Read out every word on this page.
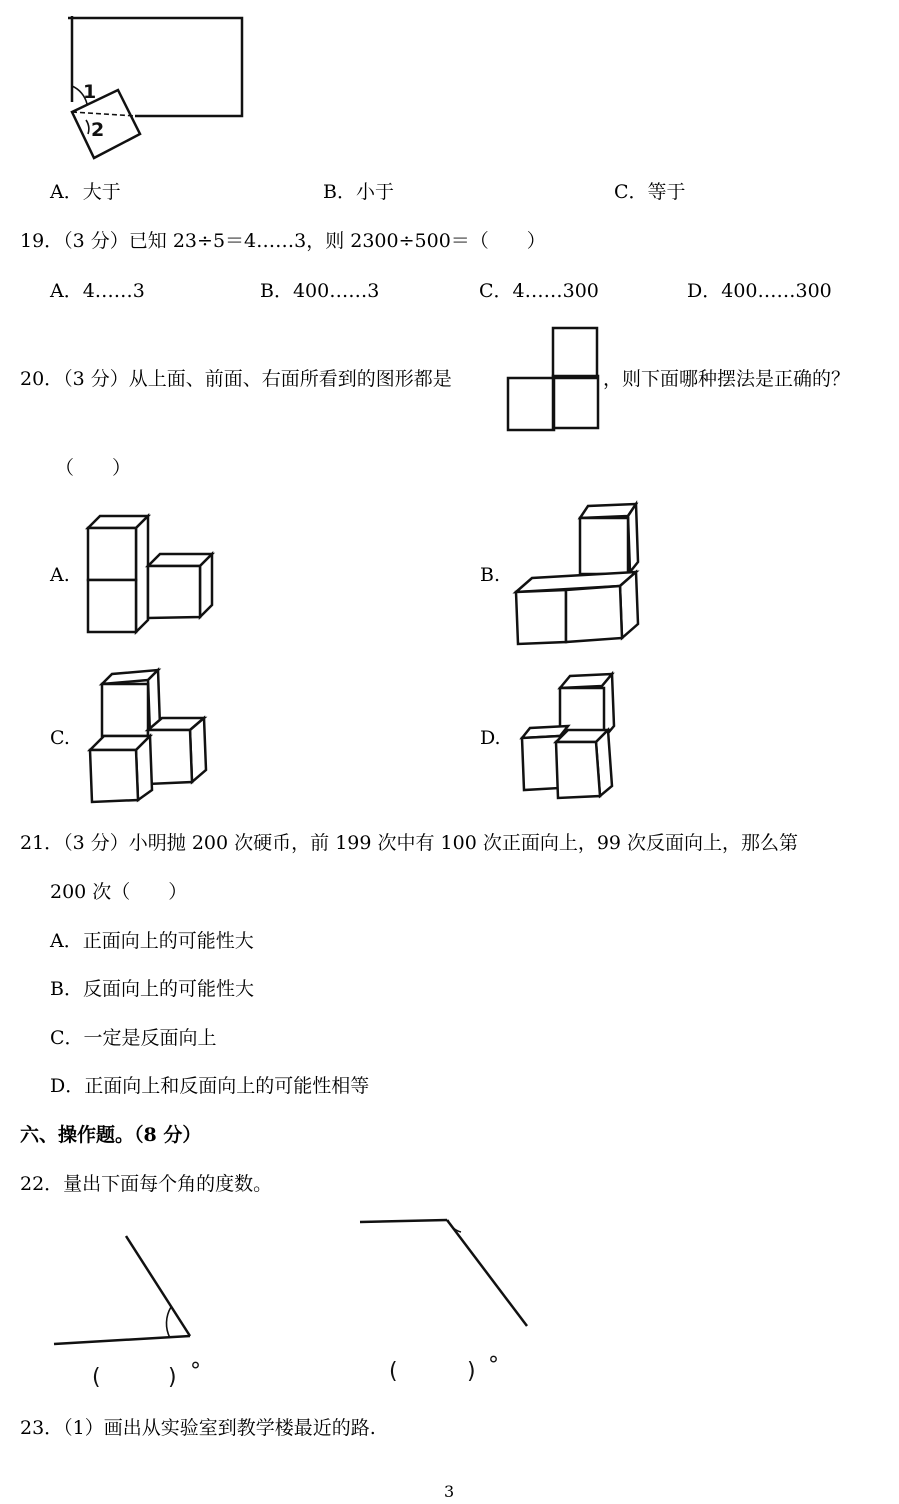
1
2
A．大于	B．小于	C．等于
19．（3 分）已知 23÷5＝4……3，则 2300÷500＝（　　）
A．4……3	B．400……3	C．4……300	D．400……300
20．（3 分）从上面、前面、右面所看到的图形都是	，则下面哪种摆法是正确的？
（　　）
A.	B.
C.	D.
21．（3 分）小明抛 200 次硬币，前 199 次中有 100 次正面向上，99 次反面向上，那么第
200 次（　　）
A．正面向上的可能性大
B．反面向上的可能性大
C．一定是反面向上
D．正面向上和反面向上的可能性相等
六、操作题。（8 分）
22．量出下面每个角的度数。
(	) °	(	) °
23．（1）画出从实验室到教学楼最近的路.
3
